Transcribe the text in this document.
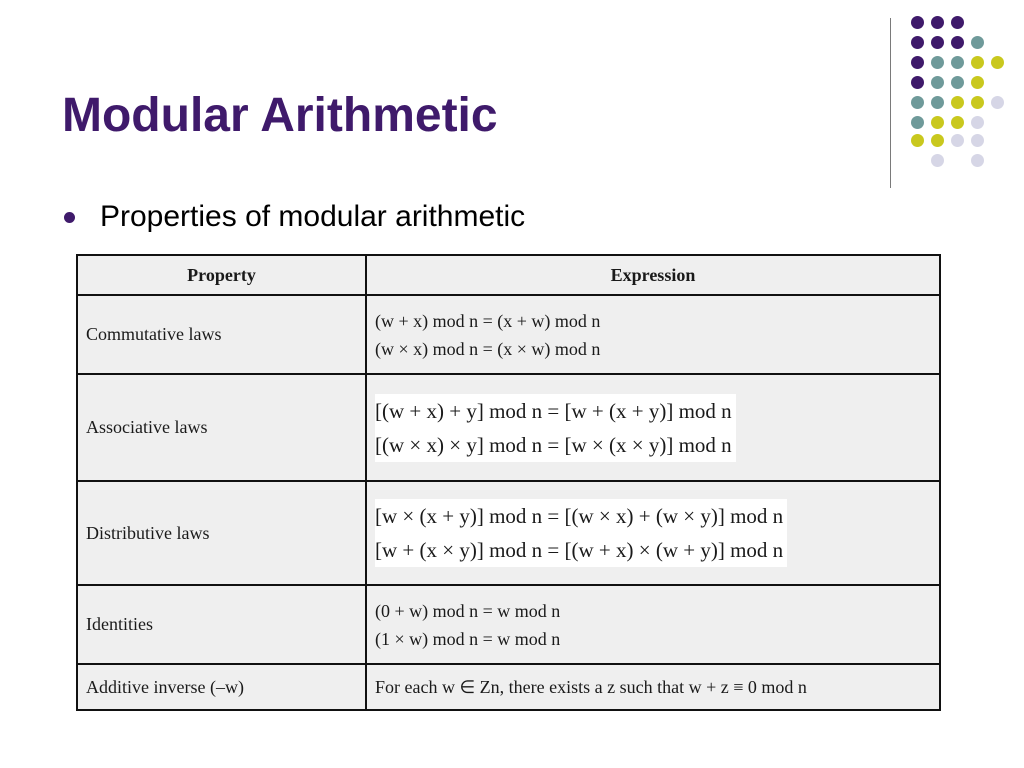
Modular Arithmetic
Properties of modular arithmetic
Property	Expression
Commutative laws	(w + x) mod n = (x + w) mod n
(w × x) mod n = (x × w) mod n

Associative laws	[(w + x) + y] mod n = [w + (x + y)] mod n
[(w × x) × y] mod n = [w × (x × y)] mod n

Distributive laws	[w × (x + y)] mod n = [(w × x) + (w × y)] mod n
[w + (x × y)] mod n = [(w + x) × (w + y)] mod n

Identities	(0 + w) mod n = w mod n
(1 × w) mod n = w mod n

Additive inverse (–w)	For each w ∈ Zn, there exists a z such that w + z ≡ 0 mod n
